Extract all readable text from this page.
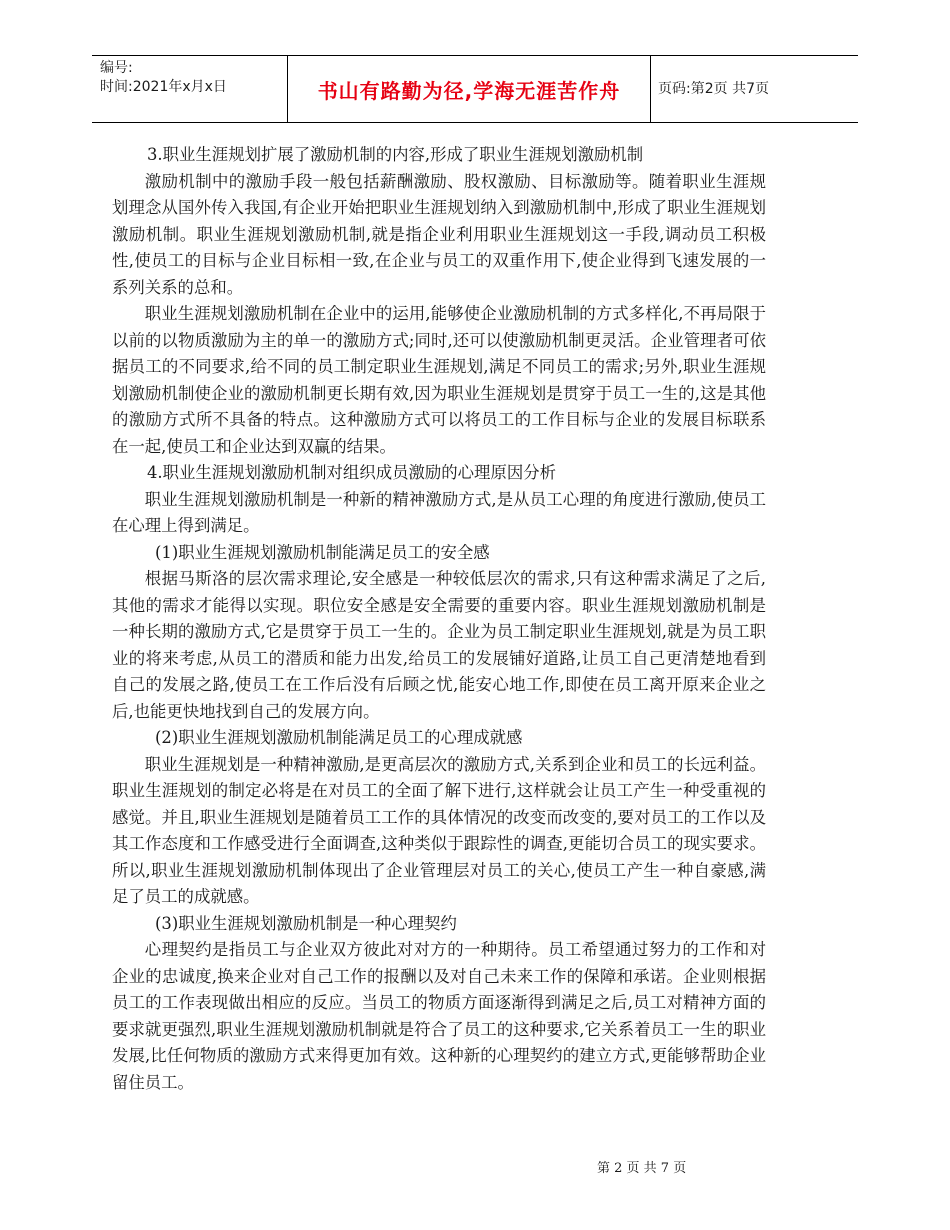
编号:
时间:2021年x月x日	书山有路勤为径,学海无涯苦作舟	页码:第2页 共7页

3.职业生涯规划扩展了激励机制的内容,形成了职业生涯规划激励机制

激励机制中的激励手段一般包括薪酬激励、股权激励、目标激励等。随着职业生涯规划理念从国外传入我国,有企业开始把职业生涯规划纳入到激励机制中,形成了职业生涯规划激励机制。职业生涯规划激励机制,就是指企业利用职业生涯规划这一手段,调动员工积极性,使员工的目标与企业目标相一致,在企业与员工的双重作用下,使企业得到飞速发展的一系列关系的总和。

职业生涯规划激励机制在企业中的运用,能够使企业激励机制的方式多样化,不再局限于以前的以物质激励为主的单一的激励方式;同时,还可以使激励机制更灵活。企业管理者可依据员工的不同要求,给不同的员工制定职业生涯规划,满足不同员工的需求;另外,职业生涯规划激励机制使企业的激励机制更长期有效,因为职业生涯规划是贯穿于员工一生的,这是其他的激励方式所不具备的特点。这种激励方式可以将员工的工作目标与企业的发展目标联系在一起,使员工和企业达到双赢的结果。

4.职业生涯规划激励机制对组织成员激励的心理原因分析

职业生涯规划激励机制是一种新的精神激励方式,是从员工心理的角度进行激励,使员工在心理上得到满足。

(1)职业生涯规划激励机制能满足员工的安全感

根据马斯洛的层次需求理论,安全感是一种较低层次的需求,只有这种需求满足了之后,其他的需求才能得以实现。职位安全感是安全需要的重要内容。职业生涯规划激励机制是一种长期的激励方式,它是贯穿于员工一生的。企业为员工制定职业生涯规划,就是为员工职业的将来考虑,从员工的潜质和能力出发,给员工的发展铺好道路,让员工自己更清楚地看到自己的发展之路,使员工在工作后没有后顾之忧,能安心地工作,即使在员工离开原来企业之后,也能更快地找到自己的发展方向。

(2)职业生涯规划激励机制能满足员工的心理成就感

职业生涯规划是一种精神激励,是更高层次的激励方式,关系到企业和员工的长远利益。职业生涯规划的制定必将是在对员工的全面了解下进行,这样就会让员工产生一种受重视的感觉。并且,职业生涯规划是随着员工工作的具体情况的改变而改变的,要对员工的工作以及其工作态度和工作感受进行全面调查,这种类似于跟踪性的调查,更能切合员工的现实要求。所以,职业生涯规划激励机制体现出了企业管理层对员工的关心,使员工产生一种自豪感,满足了员工的成就感。

(3)职业生涯规划激励机制是一种心理契约

心理契约是指员工与企业双方彼此对对方的一种期待。员工希望通过努力的工作和对企业的忠诚度,换来企业对自己工作的报酬以及对自己未来工作的保障和承诺。企业则根据员工的工作表现做出相应的反应。当员工的物质方面逐渐得到满足之后,员工对精神方面的要求就更强烈,职业生涯规划激励机制就是符合了员工的这种要求,它关系着员工一生的职业发展,比任何物质的激励方式来得更加有效。这种新的心理契约的建立方式,更能够帮助企业留住员工。

第 2 页 共 7 页
